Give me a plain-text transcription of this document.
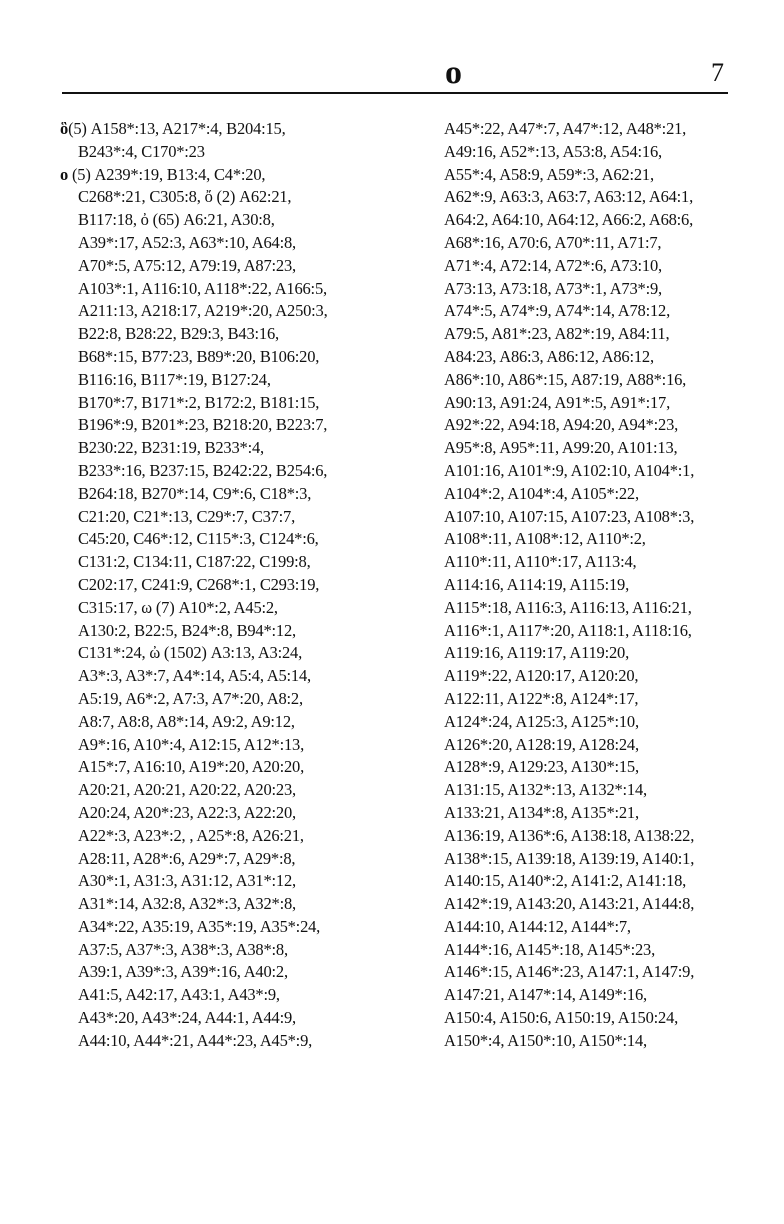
ο	7
ὃ(5) A158*:13, A217*:4, B204:15,
B243*:4, C170*:23
ο (5) A239*:19, B13:4, C4*:20,
C268*:21, C305:8, ὄ (2) A62:21,
B117:18, ὀ (65) A6:21, A30:8,
A39*:17, A52:3, A63*:10, A64:8,
A70*:5, A75:12, A79:19, A87:23,
A103*:1, A116:10, A118*:22, A166:5,
A211:13, A218:17, A219*:20, A250:3,
B22:8, B28:22, B29:3, B43:16,
B68*:15, B77:23, B89*:20, B106:20,
B116:16, B117*:19, B127:24,
B170*:7, B171*:2, B172:2, B181:15,
B196*:9, B201*:23, B218:20, B223:7,
B230:22, B231:19, B233*:4,
B233*:16, B237:15, B242:22, B254:6,
B264:18, B270*:14, C9*:6, C18*:3,
C21:20, C21*:13, C29*:7, C37:7,
C45:20, C46*:12, C115*:3, C124*:6,
C131:2, C134:11, C187:22, C199:8,
C202:17, C241:9, C268*:1, C293:19,
C315:17, ω (7) A10*:2, A45:2,
A130:2, B22:5, B24*:8, B94*:12,
C131*:24, ὠ (1502) A3:13, A3:24,
A3*:3, A3*:7, A4*:14, A5:4, A5:14,
A5:19, A6*:2, A7:3, A7*:20, A8:2,
A8:7, A8:8, A8*:14, A9:2, A9:12,
A9*:16, A10*:4, A12:15, A12*:13,
A15*:7, A16:10, A19*:20, A20:20,
A20:21, A20:21, A20:22, A20:23,
A20:24, A20*:23, A22:3, A22:20,
A22*:3, A23*:2, , A25*:8, A26:21,
A28:11, A28*:6, A29*:7, A29*:8,
A30*:1, A31:3, A31:12, A31*:12,
A31*:14, A32:8, A32*:3, A32*:8,
A34*:22, A35:19, A35*:19, A35*:24,
A37:5, A37*:3, A38*:3, A38*:8,
A39:1, A39*:3, A39*:16, A40:2,
A41:5, A42:17, A43:1, A43*:9,
A43*:20, A43*:24, A44:1, A44:9,
A44:10, A44*:21, A44*:23, A45*:9,
A45*:22, A47*:7, A47*:12, A48*:21,
A49:16, A52*:13, A53:8, A54:16,
A55*:4, A58:9, A59*:3, A62:21,
A62*:9, A63:3, A63:7, A63:12, A64:1,
A64:2, A64:10, A64:12, A66:2, A68:6,
A68*:16, A70:6, A70*:11, A71:7,
A71*:4, A72:14, A72*:6, A73:10,
A73:13, A73:18, A73*:1, A73*:9,
A74*:5, A74*:9, A74*:14, A78:12,
A79:5, A81*:23, A82*:19, A84:11,
A84:23, A86:3, A86:12, A86:12,
A86*:10, A86*:15, A87:19, A88*:16,
A90:13, A91:24, A91*:5, A91*:17,
A92*:22, A94:18, A94:20, A94*:23,
A95*:8, A95*:11, A99:20, A101:13,
A101:16, A101*:9, A102:10, A104*:1,
A104*:2, A104*:4, A105*:22,
A107:10, A107:15, A107:23, A108*:3,
A108*:11, A108*:12, A110*:2,
A110*:11, A110*:17, A113:4,
A114:16, A114:19, A115:19,
A115*:18, A116:3, A116:13, A116:21,
A116*:1, A117*:20, A118:1, A118:16,
A119:16, A119:17, A119:20,
A119*:22, A120:17, A120:20,
A122:11, A122*:8, A124*:17,
A124*:24, A125:3, A125*:10,
A126*:20, A128:19, A128:24,
A128*:9, A129:23, A130*:15,
A131:15, A132*:13, A132*:14,
A133:21, A134*:8, A135*:21,
A136:19, A136*:6, A138:18, A138:22,
A138*:15, A139:18, A139:19, A140:1,
A140:15, A140*:2, A141:2, A141:18,
A142*:19, A143:20, A143:21, A144:8,
A144:10, A144:12, A144*:7,
A144*:16, A145*:18, A145*:23,
A146*:15, A146*:23, A147:1, A147:9,
A147:21, A147*:14, A149*:16,
A150:4, A150:6, A150:19, A150:24,
A150*:4, A150*:10, A150*:14,
